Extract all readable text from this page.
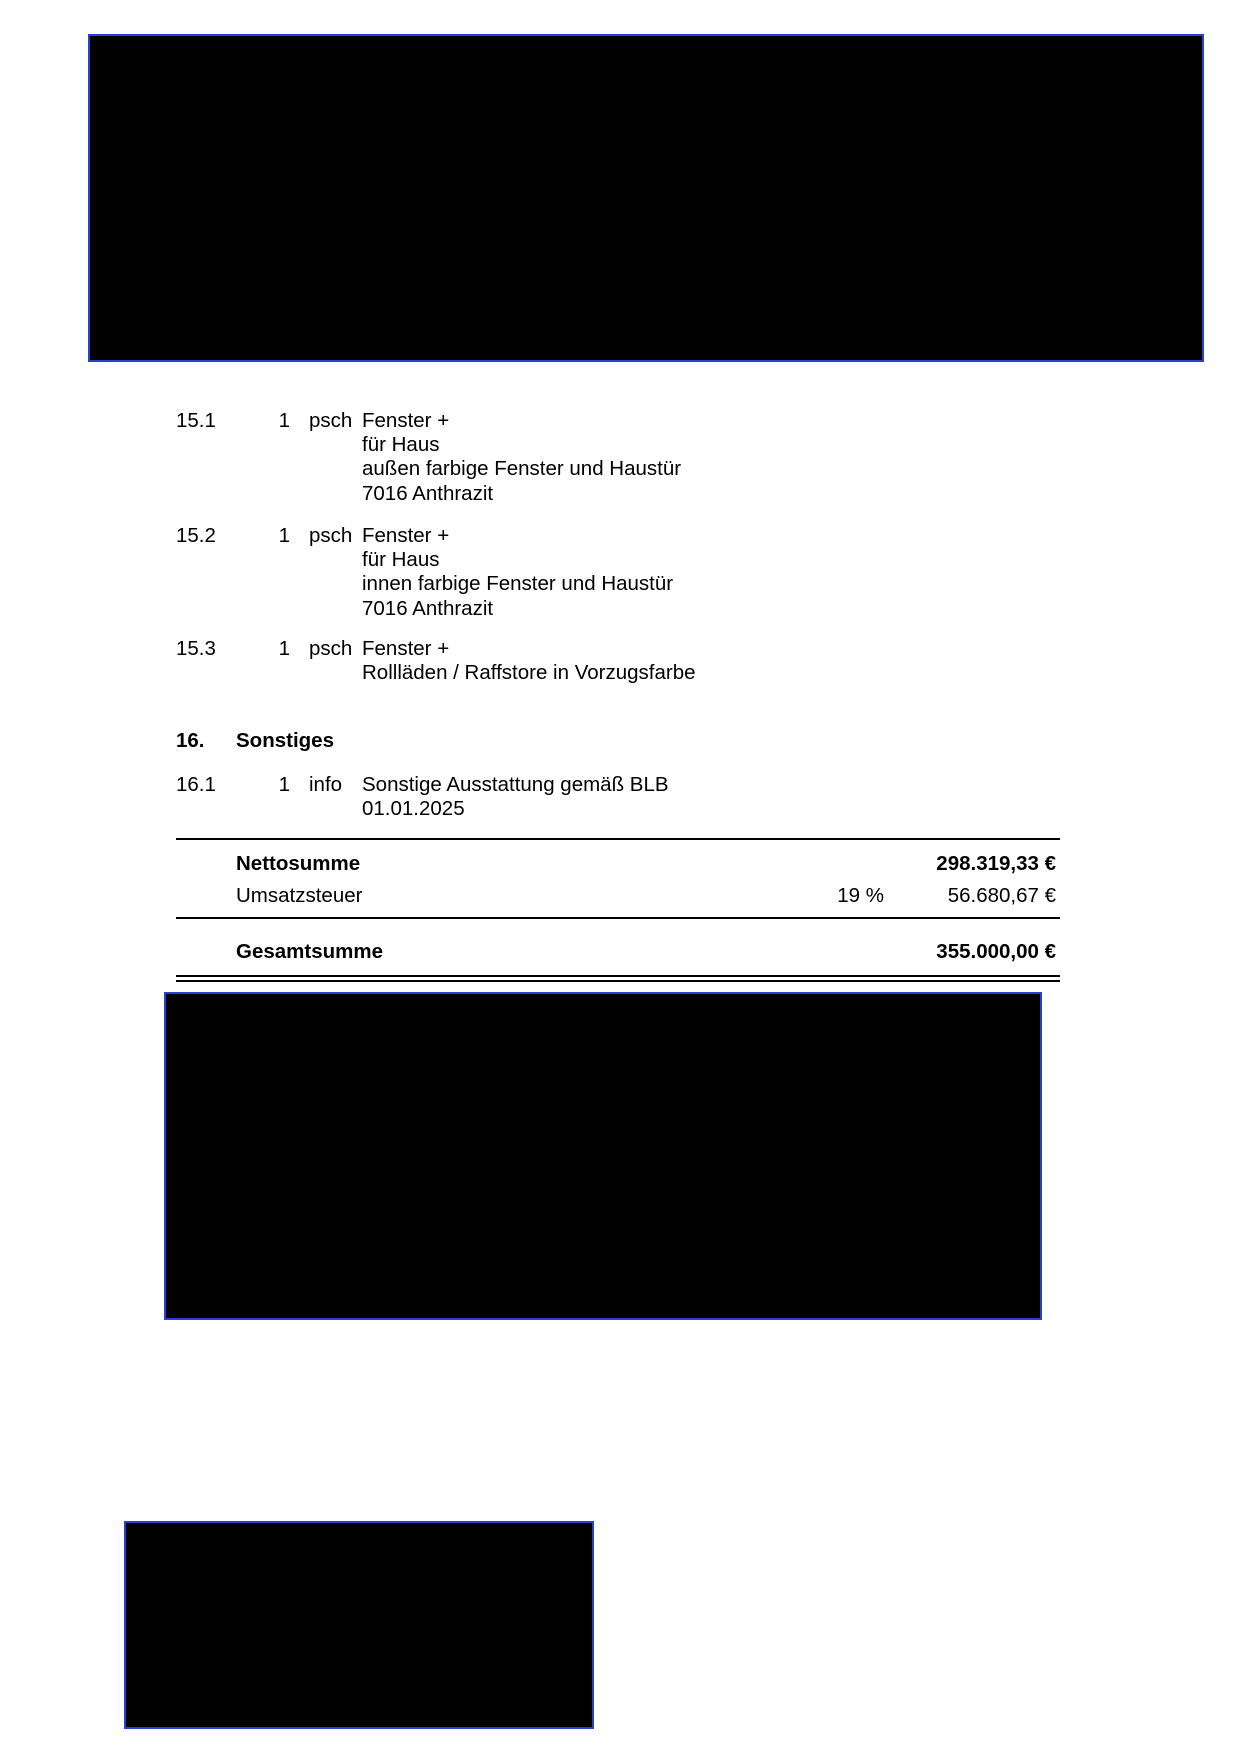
15.1	1 psch Fenster +
für Haus
außen farbige Fenster und Haustür
7016 Anthrazit
15.2	1 psch Fenster +
für Haus
innen farbige Fenster und Haustür
7016 Anthrazit
15.3	1 psch Fenster +
Rollläden / Raffstore in Vorzugsfarbe
16. Sonstiges
16.1	1 info Sonstige Ausstattung gemäß BLB
01.01.2025
Nettosumme	298.319,33 €
Umsatzsteuer	19 %	56.680,67 €
Gesamtsumme	355.000,00 €
